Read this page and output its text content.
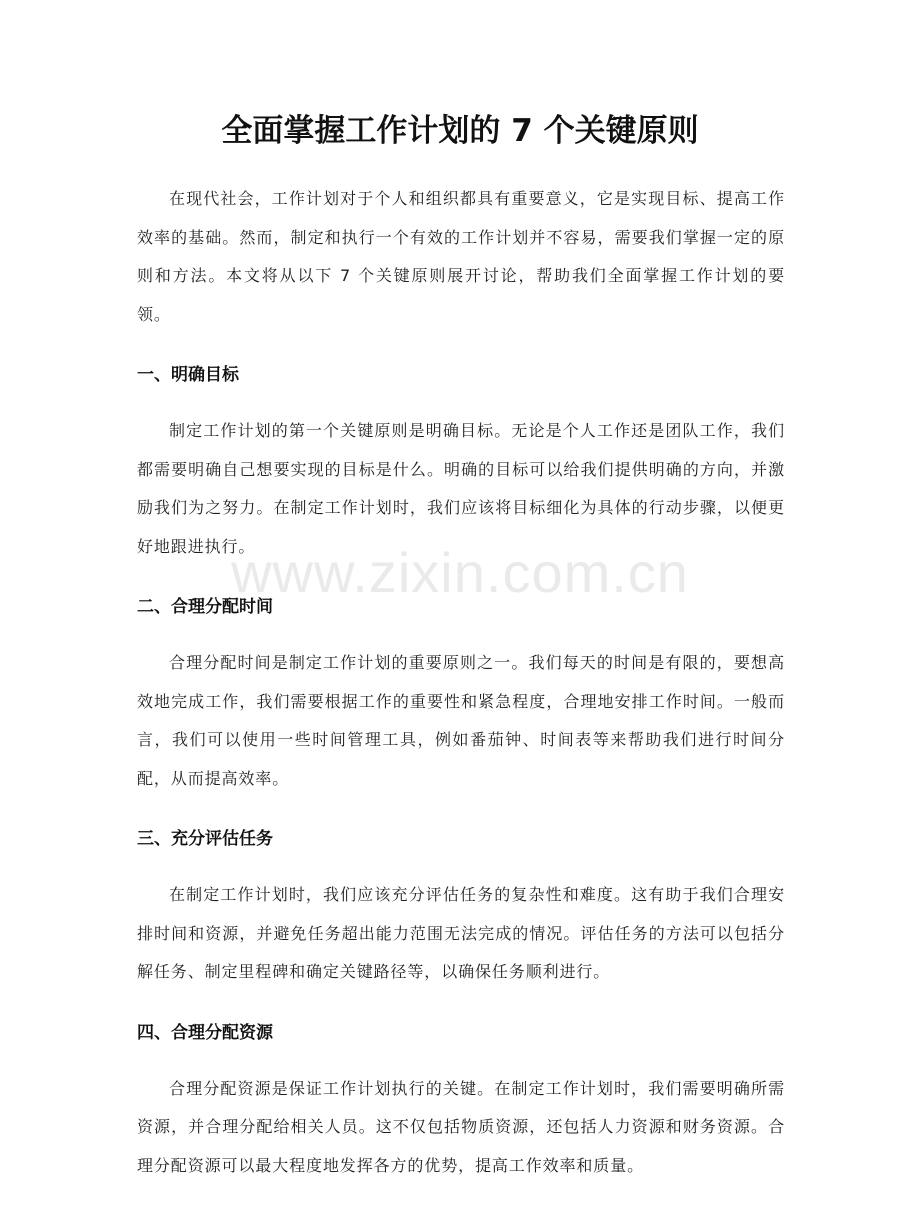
全面掌握工作计划的 7 个关键原则

在现代社会，工作计划对于个人和组织都具有重要意义，它是实现目标、提高工作效率的基础。然而，制定和执行一个有效的工作计划并不容易，需要我们掌握一定的原则和方法。本文将从以下 7 个关键原则展开讨论，帮助我们全面掌握工作计划的要领。

一、明确目标

制定工作计划的第一个关键原则是明确目标。无论是个人工作还是团队工作，我们都需要明确自己想要实现的目标是什么。明确的目标可以给我们提供明确的方向，并激励我们为之努力。在制定工作计划时，我们应该将目标细化为具体的行动步骤，以便更好地跟进执行。

二、合理分配时间

合理分配时间是制定工作计划的重要原则之一。我们每天的时间是有限的，要想高效地完成工作，我们需要根据工作的重要性和紧急程度，合理地安排工作时间。一般而言，我们可以使用一些时间管理工具，例如番茄钟、时间表等来帮助我们进行时间分配，从而提高效率。

三、充分评估任务

在制定工作计划时，我们应该充分评估任务的复杂性和难度。这有助于我们合理安排时间和资源，并避免任务超出能力范围无法完成的情况。评估任务的方法可以包括分解任务、制定里程碑和确定关键路径等，以确保任务顺利进行。

四、合理分配资源

合理分配资源是保证工作计划执行的关键。在制定工作计划时，我们需要明确所需资源，并合理分配给相关人员。这不仅包括物质资源，还包括人力资源和财务资源。合理分配资源可以最大程度地发挥各方的优势，提高工作效率和质量。

www.zixin.com.cn
